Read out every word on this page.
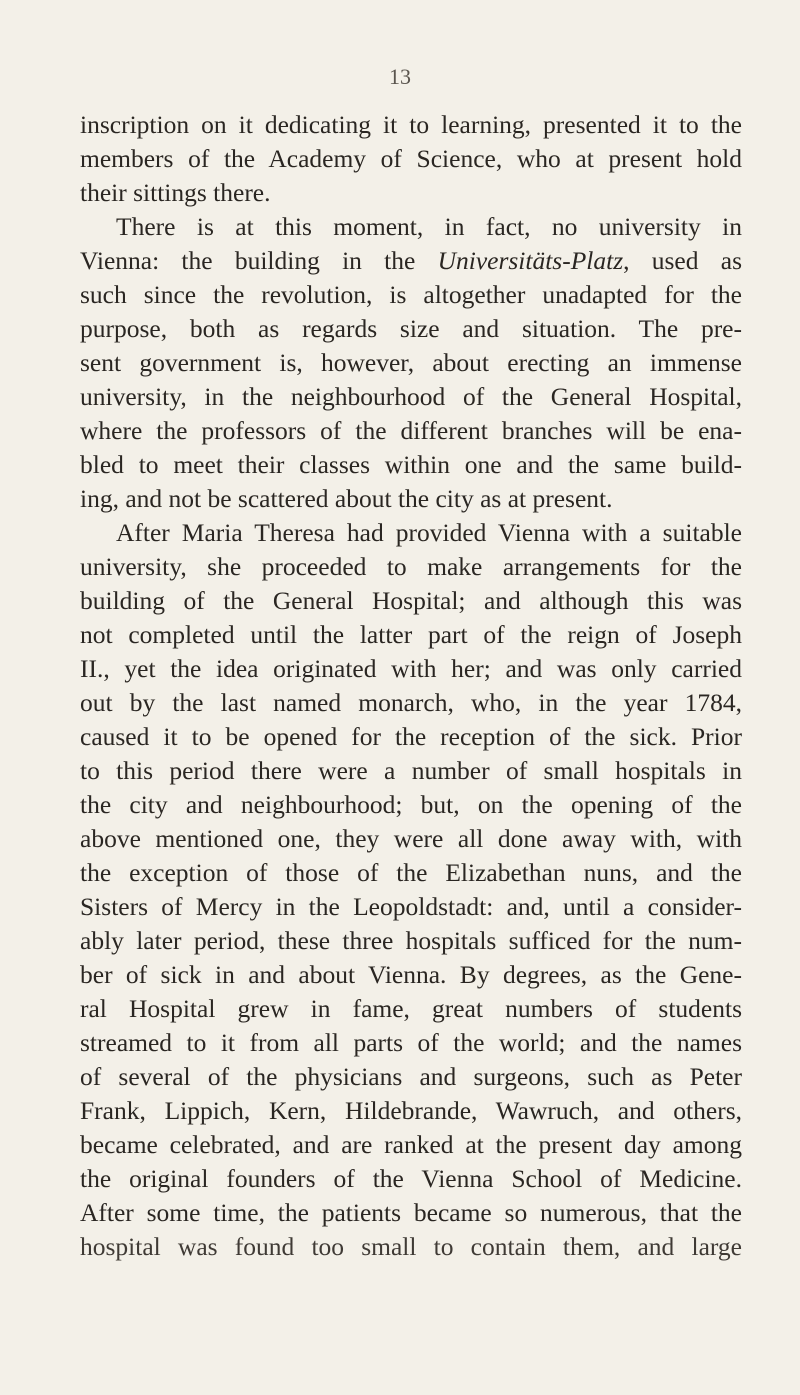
13
inscription on it dedicating it to learning, presented it to the
members of the Academy of Science, who at present hold
their sittings there.
There is at this moment, in fact, no university in
Vienna: the building in the Universitäts-Platz, used as
such since the revolution, is altogether unadapted for the
purpose, both as regards size and situation. The pre-
sent government is, however, about erecting an immense
university, in the neighbourhood of the General Hospital,
where the professors of the different branches will be ena-
bled to meet their classes within one and the same build-
ing, and not be scattered about the city as at present.
After Maria Theresa had provided Vienna with a suitable
university, she proceeded to make arrangements for the
building of the General Hospital; and although this was
not completed until the latter part of the reign of Joseph
II., yet the idea originated with her; and was only carried
out by the last named monarch, who, in the year 1784,
caused it to be opened for the reception of the sick. Prior
to this period there were a number of small hospitals in
the city and neighbourhood; but, on the opening of the
above mentioned one, they were all done away with, with
the exception of those of the Elizabethan nuns, and the
Sisters of Mercy in the Leopoldstadt: and, until a consider-
ably later period, these three hospitals sufficed for the num-
ber of sick in and about Vienna. By degrees, as the Gene-
ral Hospital grew in fame, great numbers of students
streamed to it from all parts of the world; and the names
of several of the physicians and surgeons, such as Peter
Frank, Lippich, Kern, Hildebrande, Wawruch, and others,
became celebrated, and are ranked at the present day among
the original founders of the Vienna School of Medicine.
After some time, the patients became so numerous, that the
hospital was found too small to contain them, and large
